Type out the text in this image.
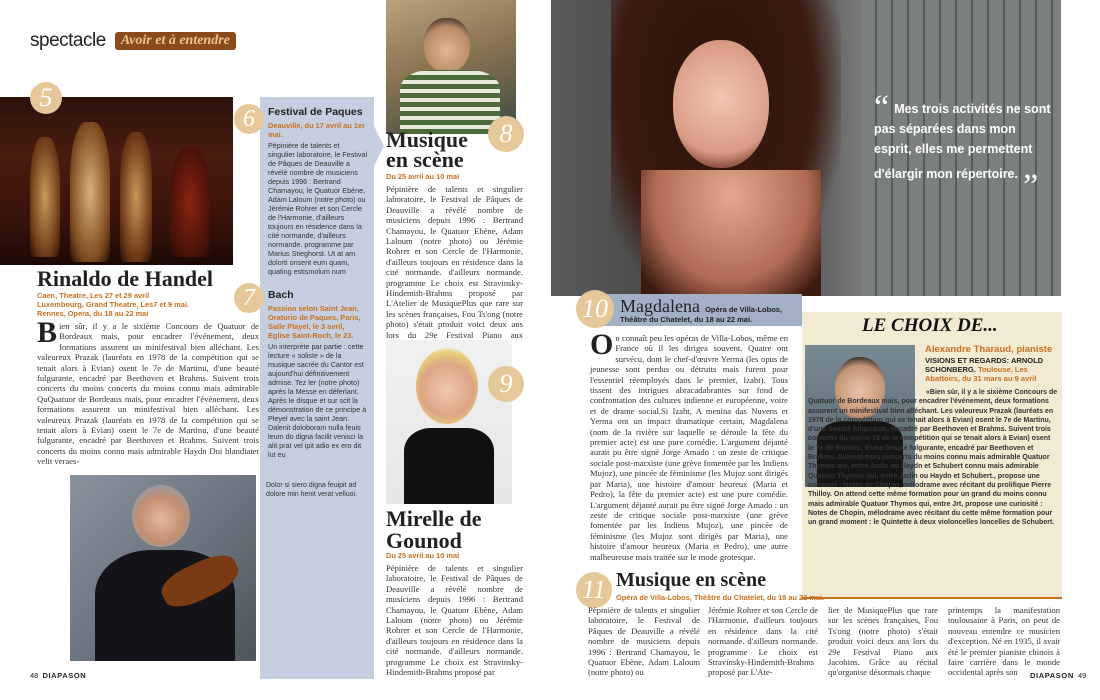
spectacle Avoir et à entendre
5
Rinaldo de Handel

Caen, Theatre, Les 27 et 29 avril
Luxembourg, Grand Theatre, Les7 et 9 mai.
Rennes, Opera, du 18 au 22 mai

B ien sûr, il y a le sixième Concours de Quatuor de Bordeaux mais, pour encadrer l'événement, deux formations assurent un minifestival bien alléchant. Les valeureux Prazak (lauréats en 1978 de la compétition qui se tenait alors à Evian) osent le 7e de Martinu, d'une beauté fulgurante, encadré par Beethoven et Brahms. Suivent trois concerts du moins concerts du moins connu mais admirable QuQuatuor de Bordeaux mais, pour encadrer l'événement, deux formations assurent un minifestival bien alléchant. Les valeureux Prazak (lauréats en 1978 de la compétition qui se tenait alors à Evian) osent le 7e de Martinu, d'une beauté fulgurante, encadré par Beethoven et Brahms. Suivent trois concerts du moins connu mais admirable Haydn Dui blandiatet velit veraes-

6	Festival de Paques

Deauville, du 17 avril au 1er mai.

Pépinière de talents et singulier laboratoire, le Festival de Pâques de Deauville a révélé nombre de musiciens depuis 1996 : Bertrand Chamayou, le Quatuor Ebène, Adam Laloum (notre photo) ou Jérémie Rohrer et son Cercle de l'Harmonie, d'ailleurs toujours en résidence dans la cité normande, d'ailleurs normande. programme par Marius Stieghorst. Ut at am dolorti onsent eum quam, quating estismolum num

7	Bach

Passion selon Saint Jean, Oratorio de Paques, Paris, Salle Playel, le 3 avril, Eglise Saint-Roch, le 23.

Un interprète par partie : cette lecture « soliste » de la musique sacrée du Cantor est aujourd'hui définitivement admise. Tez ler (notre photo) après la Messe en déferlant. Après le disque et sur scit la démonstration de ce principe à Pleyel avec la saint Jean. Dalenit doloboram nulla feuis leum do digna facilit venisci la alit prat vel ipit adio ex ero dit lut eu

Dolor si siero digna feuipit ad dolore min henit verat velluoi.

8
Musique en scène

Du 25 avril au 10 mai

Pépinière de talents et singulier laboratoire, le Festival de Pâques de Deauville a révélé nombre de musiciens depuis 1996 : Bertrand Chamayou, le Quatuor Ebène, Adam Laloum (notre photo) ou Jérémie Rohrer et son Cercle de l'Harmonie, d'ailleurs toujours en résidence dans la cité normande. d'ailleurs normande. programme Le choix est Stravinsky-Hindemith-Brahms proposé par L'Atelier de MusiquePlus que rare sur les scènes françaises, Fou Ts'ong (notre photo) s'était produit voici deux ans lors du 29e Festival Piano aux

9
Mirelle de Gounod

Du 25 avril au 10 mai

Pépinière de talents et singulier laboratoire, le Festival de Pâques de Deauville a révélé nombre de musiciens depuis 1996 : Bertrand Chamayou, le Quatuor Ebène, Adam Laloum (notre photo) ou Jérémie Rohrer et son Cercle de l'Harmonie, d'ailleurs toujours en résidence dans la cité normande. d'ailleurs normande. programme Le choix est Stravinsky-Hindemith-Brahms proposé par

48 DIAPASON
“ Mes trois activités ne sont pas séparées dans mon esprit, elles me permettent d'élargir mon répertoire. „
10 Magdalena Opéra de Villa-Lobos,

Théâtre du Chatelet, du 18 au 22 mai.

O n connaît peu les opéras de Villa-Lobos, même en France où il les dirigea souvent. Quatre ont survécu, dont le chef-d'œuvre Yerma (les opus de jeunesse sont perdus ou détruits mais furent pour l'essentiel réemployés dans le premier, Izaht). Tous tissent des intrigues abracadabrantes sur fond de confrontation des cultures indienne et européenne, voire et de drame social.Si Izaht, A menina das Nuvens et Yerma ont un impact dramatique certain, Magdalena (nom de la rivière sur laquelle se déroule la fête du premier acte) est une pure comédie. L'argument déjanté aurait pu être signé Jorge Amado : un zeste de critique sociale post-marxiste (une grève fomentée par les Indiens Mujoz), une pincée de féminisme (les Mujoz sont dirigés par Maria), une histoire d'amour heureux (Maria et Pedro), la fête du premier acte) est une pure comédie. L'argument déjanté aurait pu être signé Jorge Amado : un zeste de critique sociale post-marxiste (une grève fomentée par les Indiens Mujoz), une pincée de féminisme (les Mujoz sont dirigés par Maria), une histoire d'amour heureux (Maria et Pedro), une autre malheureuse mais traitée sur le mode grotesque.

LE CHOIX DE...

Alexandre Tharaud, pianiste

VISIONS ET REGARDS: ARNOLD SCHONBERG. Toulouse, Les Abattoirs, du 31 mars au 9 avril

«Bien sûr, il y a le sixième Concours de Quatuor de Bordeaux mais, pour encadrer l'événement, deux formations assurent un minifestival bien alléchant. Les valeureux Prazak (lauréats en 1978 de la compétition qui se tenait alors à Evian) osent le 7e de Martinu, d'une beauté fulgurante, encadré par Beethoven et Brahms. Suivent trois concerts du moins 78 de la compétition qui se tenait alors à Evian) osent le 7e de Martinu, d'une beauté fulgurante, encadré par Beethoven et Brahms. Suivent trois concerts du moins connu mais admirable Quatuor Thymos qui, entre Jadin ou Haydn et Schubert connu mais admirable Quatuor Thymos qui, entre Jadin ou Haydn et Schubert., propose une curiosité : Notes de Chopin, mélodrame avec récitant du prolifique Pierre Thilloy. On attend cette même formation pour un grand du moins connu mais admirable Quatuor Thymos qui, entre Jrt, propose une curiosité : Notes de Chopin, mélodrame avec récitant du cette même formation pour un grand moment : le Quintette à deux violoncelles loncelles de Schubert.

11 Musique en scène

Opéra de Villa-Lobos, Théâtre du Chatelet, du 18 au 22 mai.

Pépinière de talents et singulier laboratoire, le Festival de Pâques de Deauville a révélé nombre de musiciens depuis 1996 : Bertrand Chamayou, le Quatuor Ebène, Adam Laloum (notre photo) ou

Jérémie Rohrer et son Cercle de l'Harmonie, d'ailleurs toujours en résidence dans la cité normande. d'ailleurs normande. programme Le choix est Stravinsky-Hindemith-Brahms proposé par L'Ate-

lier de MusiquePlus que rare sur les scènes françaises, Fou Ts'ong (notre photo) s'était produit voici deux ans lors du 29e Festival Piano aux Jacobins. Grâce au récital qu'organise désormais chaque

printemps la manifestation toulousaine à Paris, on peut de nouveau entendre ce musicien d'exception. Né en 1935, il avait été le premier pianiste chinois à faire carrière dans le monde occidental après son	DIAPASON 49
